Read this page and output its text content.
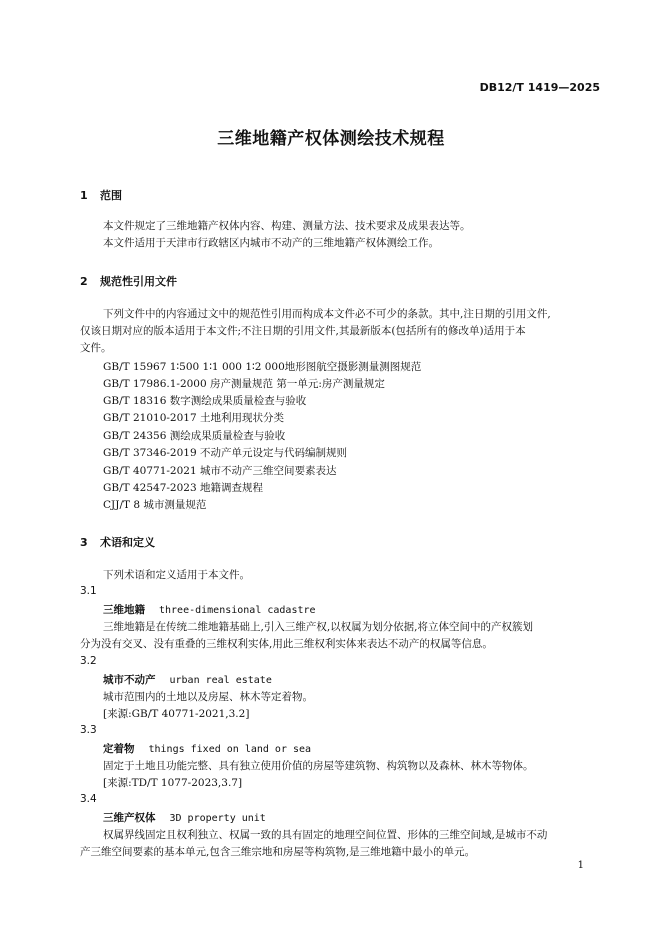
DB12/T 1419—2025
三维地籍产权体测绘技术规程
1 范围
本文件规定了三维地籍产权体内容、构建、测量方法、技术要求及成果表达等。
本文件适用于天津市行政辖区内城市不动产的三维地籍产权体测绘工作。
2 规范性引用文件
下列文件中的内容通过文中的规范性引用而构成本文件必不可少的条款。其中,注日期的引用文件,
仅该日期对应的版本适用于本文件;不注日期的引用文件,其最新版本(包括所有的修改单)适用于本
文件。
GB/T 15967 1∶500 1∶1 000 1∶2 000地形图航空摄影测量测图规范
GB/T 17986.1-2000 房产测量规范 第一单元:房产测量规定
GB/T 18316 数字测绘成果质量检查与验收
GB/T 21010-2017 土地利用现状分类
GB/T 24356 测绘成果质量检查与验收
GB/T 37346-2019 不动产单元设定与代码编制规则
GB/T 40771-2021 城市不动产三维空间要素表达
GB/T 42547-2023 地籍调查规程
CJJ/T 8 城市测量规范
3 术语和定义
下列术语和定义适用于本文件。
3.1
三维地籍 three-dimensional cadastre
三维地籍是在传统二维地籍基础上,引入三维产权,以权属为划分依据,将立体空间中的产权簇划
分为没有交叉、没有重叠的三维权利实体,用此三维权利实体来表达不动产的权属等信息。
3.2
城市不动产 urban real estate
城市范围内的土地以及房屋、林木等定着物。
[来源:GB/T 40771-2021,3.2]
3.3
定着物 things fixed on land or sea
固定于土地且功能完整、具有独立使用价值的房屋等建筑物、构筑物以及森林、林木等物体。
[来源:TD/T 1077-2023,3.7]
3.4
三维产权体 3D property unit
权属界线固定且权利独立、权属一致的具有固定的地理空间位置、形体的三维空间域,是城市不动
产三维空间要素的基本单元,包含三维宗地和房屋等构筑物,是三维地籍中最小的单元。
1
